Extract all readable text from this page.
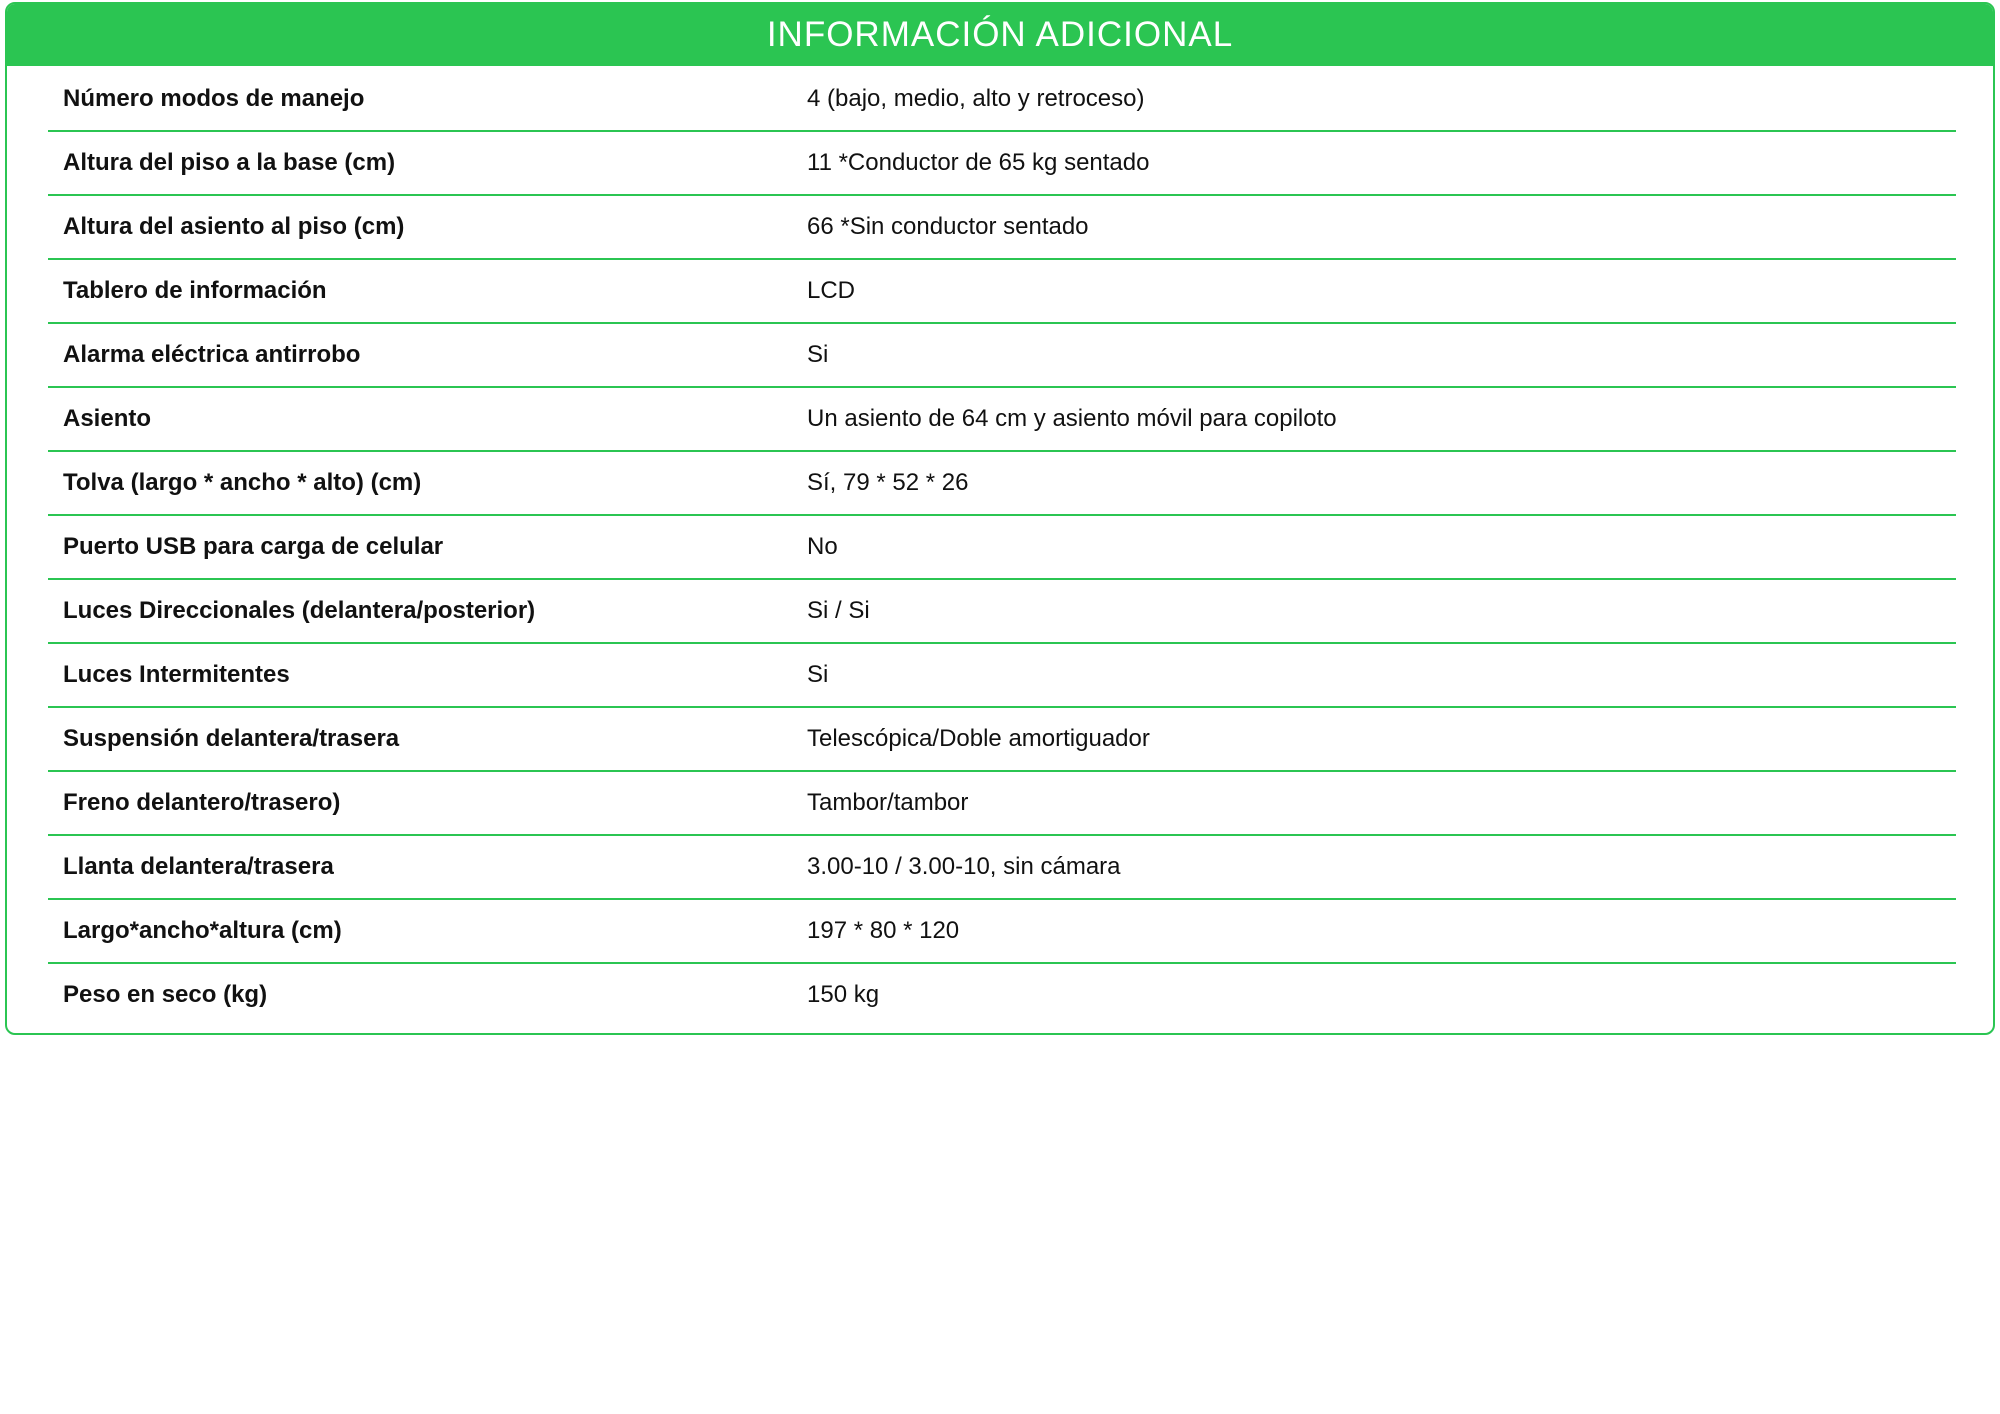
INFORMACIÓN ADICIONAL
Número modos de manejo	4 (bajo, medio, alto y retroceso)
Altura del piso a la base (cm)	11 *Conductor de 65 kg sentado
Altura del asiento al piso (cm)	66 *Sin conductor sentado
Tablero de información	LCD
Alarma eléctrica antirrobo	Si
Asiento	Un asiento de 64 cm y asiento móvil para copiloto
Tolva (largo * ancho * alto) (cm)	Sí, 79 * 52 * 26
Puerto USB para carga de celular	No
Luces Direccionales (delantera/posterior)	Si / Si
Luces Intermitentes	Si
Suspensión delantera/trasera	Telescópica/Doble amortiguador
Freno delantero/trasero)	Tambor/tambor
Llanta delantera/trasera	3.00-10 / 3.00-10, sin cámara
Largo*ancho*altura (cm)	197 * 80 * 120
Peso en seco (kg)	150 kg
